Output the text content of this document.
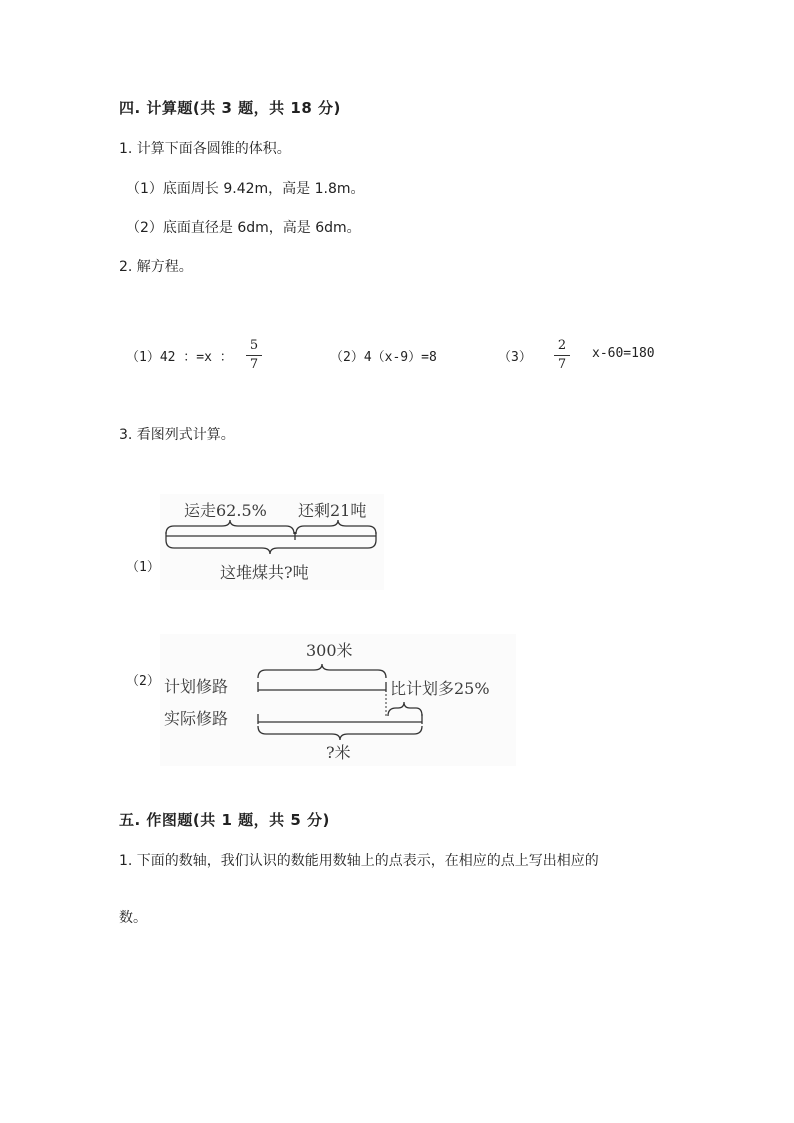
四. 计算题(共 3 题，共 18 分)
1. 计算下面各圆锥的体积。
（1）底面周长 9.42m，高是 1.8m。
（2）底面直径是 6dm，高是 6dm。
2. 解方程。
（1）42 ：=x ：
5
7	（2）4（x-9）=8	（3）
2
7
x-60=180
3. 看图列式计算。
（1）
运走62.5% 还剩21吨
这堆煤共?吨
（2）
300米
计划修路	比计划多25%
实际修路
?米
五. 作图题(共 1 题，共 5 分)
1. 下面的数轴，我们认识的数能用数轴上的点表示，在相应的点上写出相应的
数。
